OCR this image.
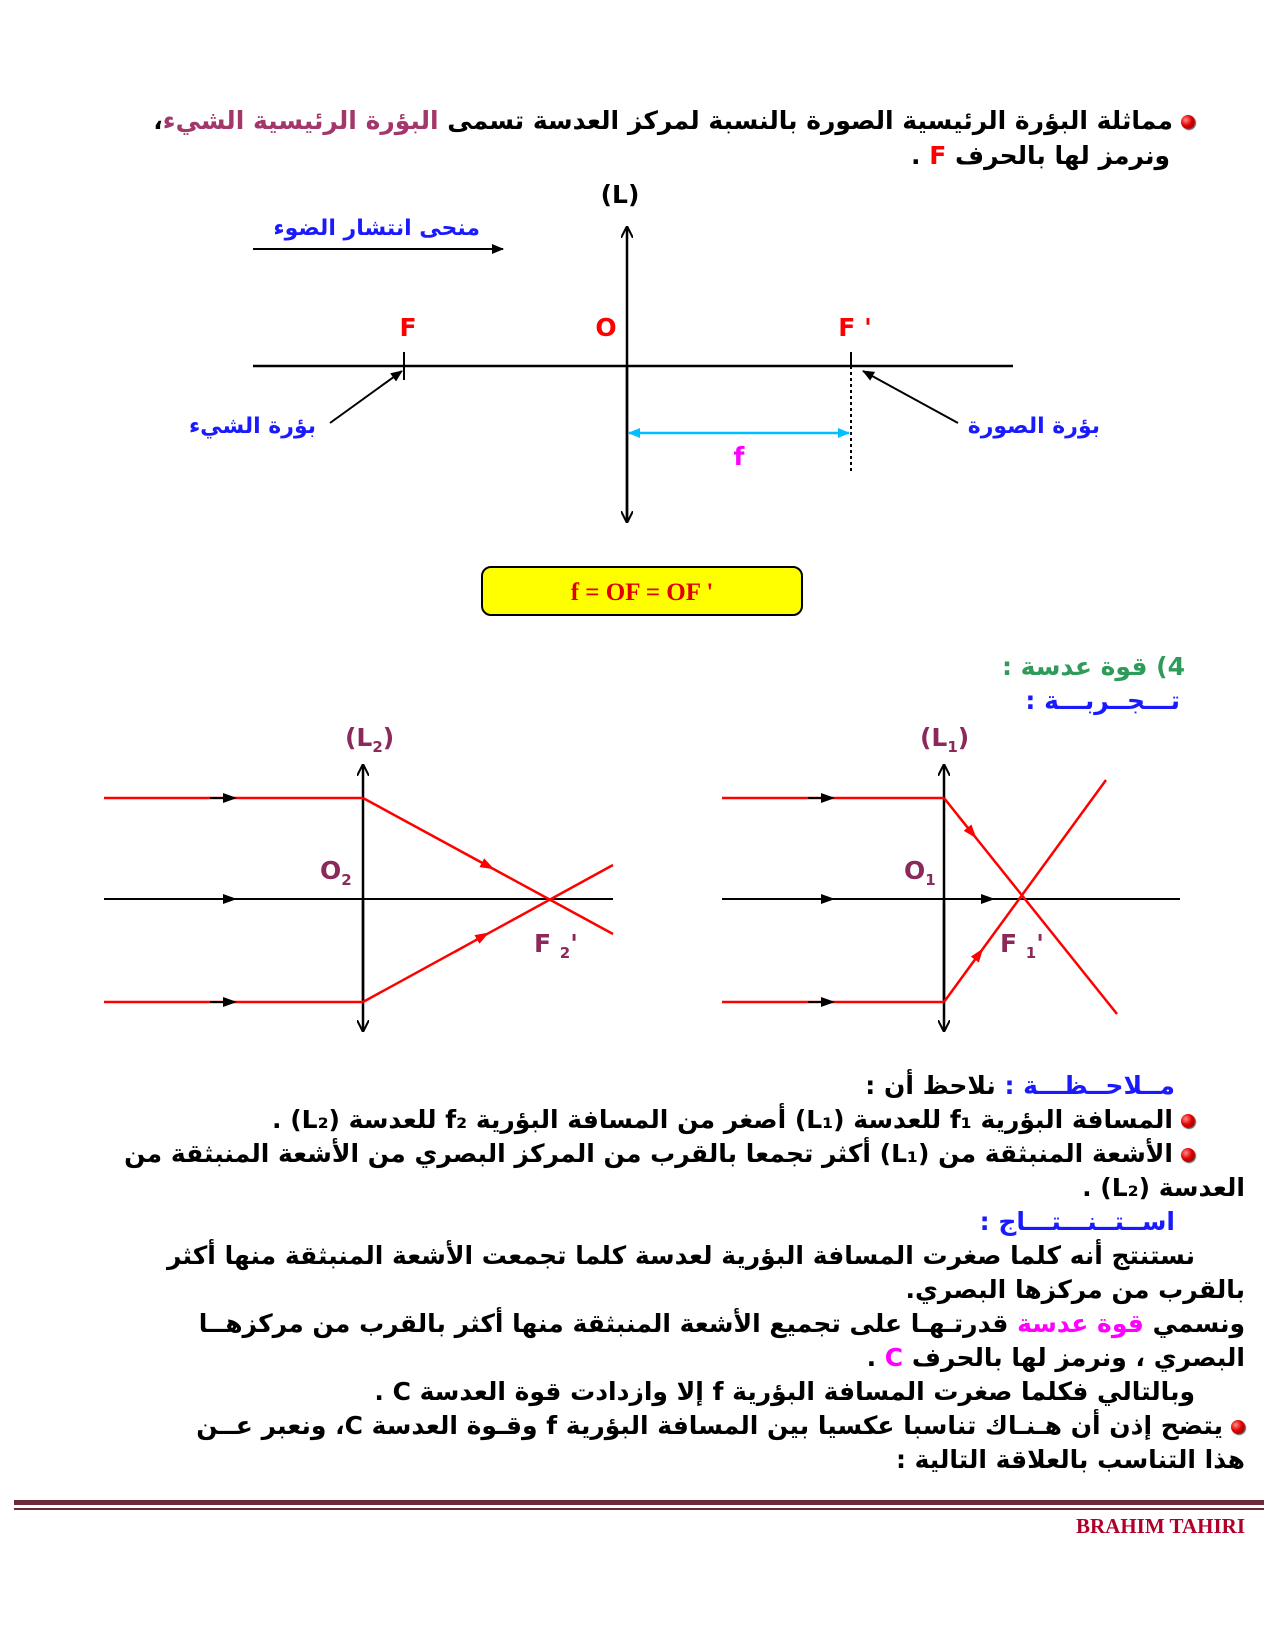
مماثلة البؤرة الرئيسية الصورة بالنسبة لمركز العدسة تسمى البؤرة الرئيسية الشيء،
ونرمز لها بالحرف F .
(L)
منحى انتشار الضوء
F	O	F '
بؤرة الشيء	بؤرة الصورة
f
f = OF = OF '
4) قوة عدسة :
تـــجــربـــة :
$(L_2)$
$O_2$
F $_2$'
$(L_1)$
$O_1$
F $_1$'
مــلاحــظـــة : نلاحظ أن :
المسافة البؤرية f₁ للعدسة (L₁) أصغر من المسافة البؤرية f₂ للعدسة (L₂) .
الأشعة المنبثقة من (L₁) أكثر تجمعا بالقرب من المركز البصري من الأشعة المنبثقة من
العدسة (L₂) .
اســتــنـــتـــاج :
نستنتج أنه كلما صغرت المسافة البؤرية لعدسة كلما تجمعت الأشعة المنبثقة منها أكثر
بالقرب من مركزها البصري.
ونسمي قوة عدسة قدرتـهـا على تجميع الأشعة المنبثقة منها أكثر بالقرب من مركزهــا
البصري ، ونرمز لها بالحرف C .
وبالتالي فكلما صغرت المسافة البؤرية f إلا وازدادت قوة العدسة C .
يتضح إذن أن هـنـاك تناسبا عكسيا بين المسافة البؤرية f وقـوة العدسة C، ونعبر عــن
هذا التناسب بالعلاقة التالية :
BRAHIM TAHIRI
